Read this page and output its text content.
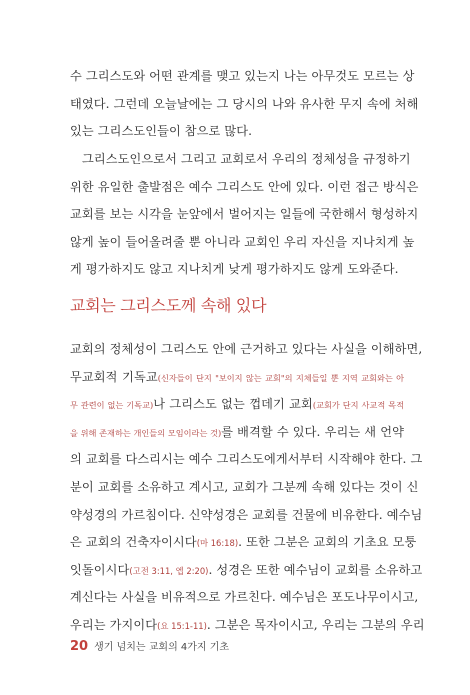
수 그리스도와 어떤 관계를 맺고 있는지 나는 아무것도 모르는 상
태였다. 그런데 오늘날에는 그 당시의 나와 유사한 무지 속에 처해
있는 그리스도인들이 참으로 많다.
그리스도인으로서 그리고 교회로서 우리의 정체성을 규정하기
위한 유일한 출발점은 예수 그리스도 안에 있다. 이런 접근 방식은
교회를 보는 시각을 눈앞에서 벌어지는 일들에 국한해서 형성하지
않게 높이 들어올려줄 뿐 아니라 교회인 우리 자신을 지나치게 높
게 평가하지도 않고 지나치게 낮게 평가하지도 않게 도와준다.
교회는 그리스도께 속해 있다
교회의 정체성이 그리스도 안에 근거하고 있다는 사실을 이해하면,
무교회적 기독교(신자들이 단지 "보이지 않는 교회"의 지체들일 뿐 지역 교회와는 아
무 관련이 없는 기독교)나 그리스도 없는 껍데기 교회(교회가 단지 사교적 목적
을 위해 존재하는 개인들의 모임이라는 것)를 배격할 수 있다. 우리는 새 언약
의 교회를 다스리시는 예수 그리스도에게서부터 시작해야 한다. 그
분이 교회를 소유하고 계시고, 교회가 그분께 속해 있다는 것이 신
약성경의 가르침이다. 신약성경은 교회를 건물에 비유한다. 예수님
은 교회의 건축자이시다(마 16:18). 또한 그분은 교회의 기초요 모퉁
잇돌이시다(고전 3:11, 엡 2:20). 성경은 또한 예수님이 교회를 소유하고
계신다는 사실을 비유적으로 가르친다. 예수님은 포도나무이시고,
우리는 가지이다(요 15:1-11). 그분은 목자이시고, 우리는 그분의 우리
20 생기 넘치는 교회의 4가지 기초
